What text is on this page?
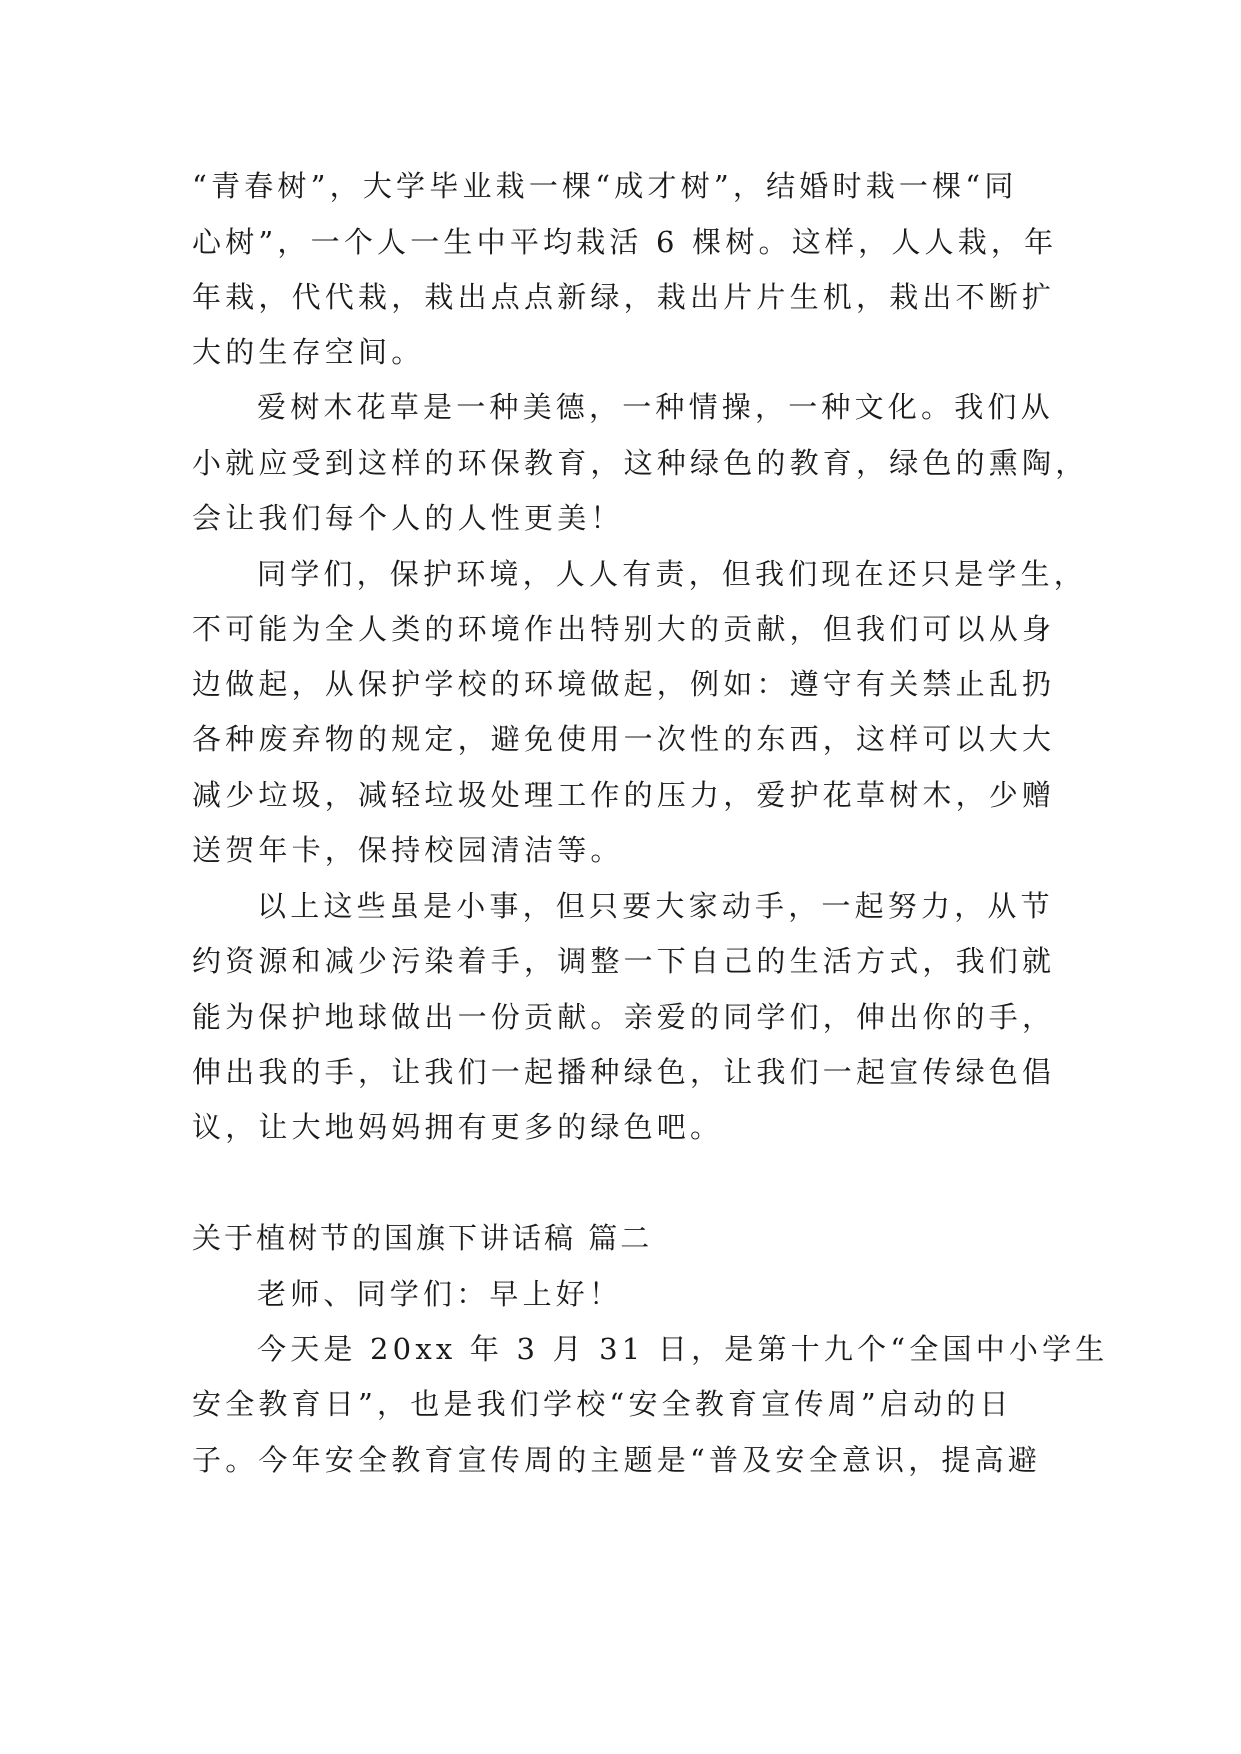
“青春树”，大学毕业栽一棵“成才树”，结婚时栽一棵“同
心树”，一个人一生中平均栽活 6 棵树。这样，人人栽，年
年栽，代代栽，栽出点点新绿，栽出片片生机，栽出不断扩
大的生存空间。
爱树木花草是一种美德，一种情操，一种文化。我们从
小就应受到这样的环保教育，这种绿色的教育，绿色的熏陶，
会让我们每个人的人性更美！
同学们，保护环境，人人有责，但我们现在还只是学生，
不可能为全人类的环境作出特别大的贡献，但我们可以从身
边做起，从保护学校的环境做起，例如：遵守有关禁止乱扔
各种废弃物的规定，避免使用一次性的东西，这样可以大大
减少垃圾，减轻垃圾处理工作的压力，爱护花草树木，少赠
送贺年卡，保持校园清洁等。
以上这些虽是小事，但只要大家动手，一起努力，从节
约资源和减少污染着手，调整一下自己的生活方式，我们就
能为保护地球做出一份贡献。亲爱的同学们，伸出你的手，
伸出我的手，让我们一起播种绿色，让我们一起宣传绿色倡
议，让大地妈妈拥有更多的绿色吧。
关于植树节的国旗下讲话稿 篇二
老师、同学们：早上好！
今天是 20xx 年 3 月 31 日，是第十九个“全国中小学生
安全教育日”，也是我们学校“安全教育宣传周”启动的日
子。今年安全教育宣传周的主题是“普及安全意识，提高避
